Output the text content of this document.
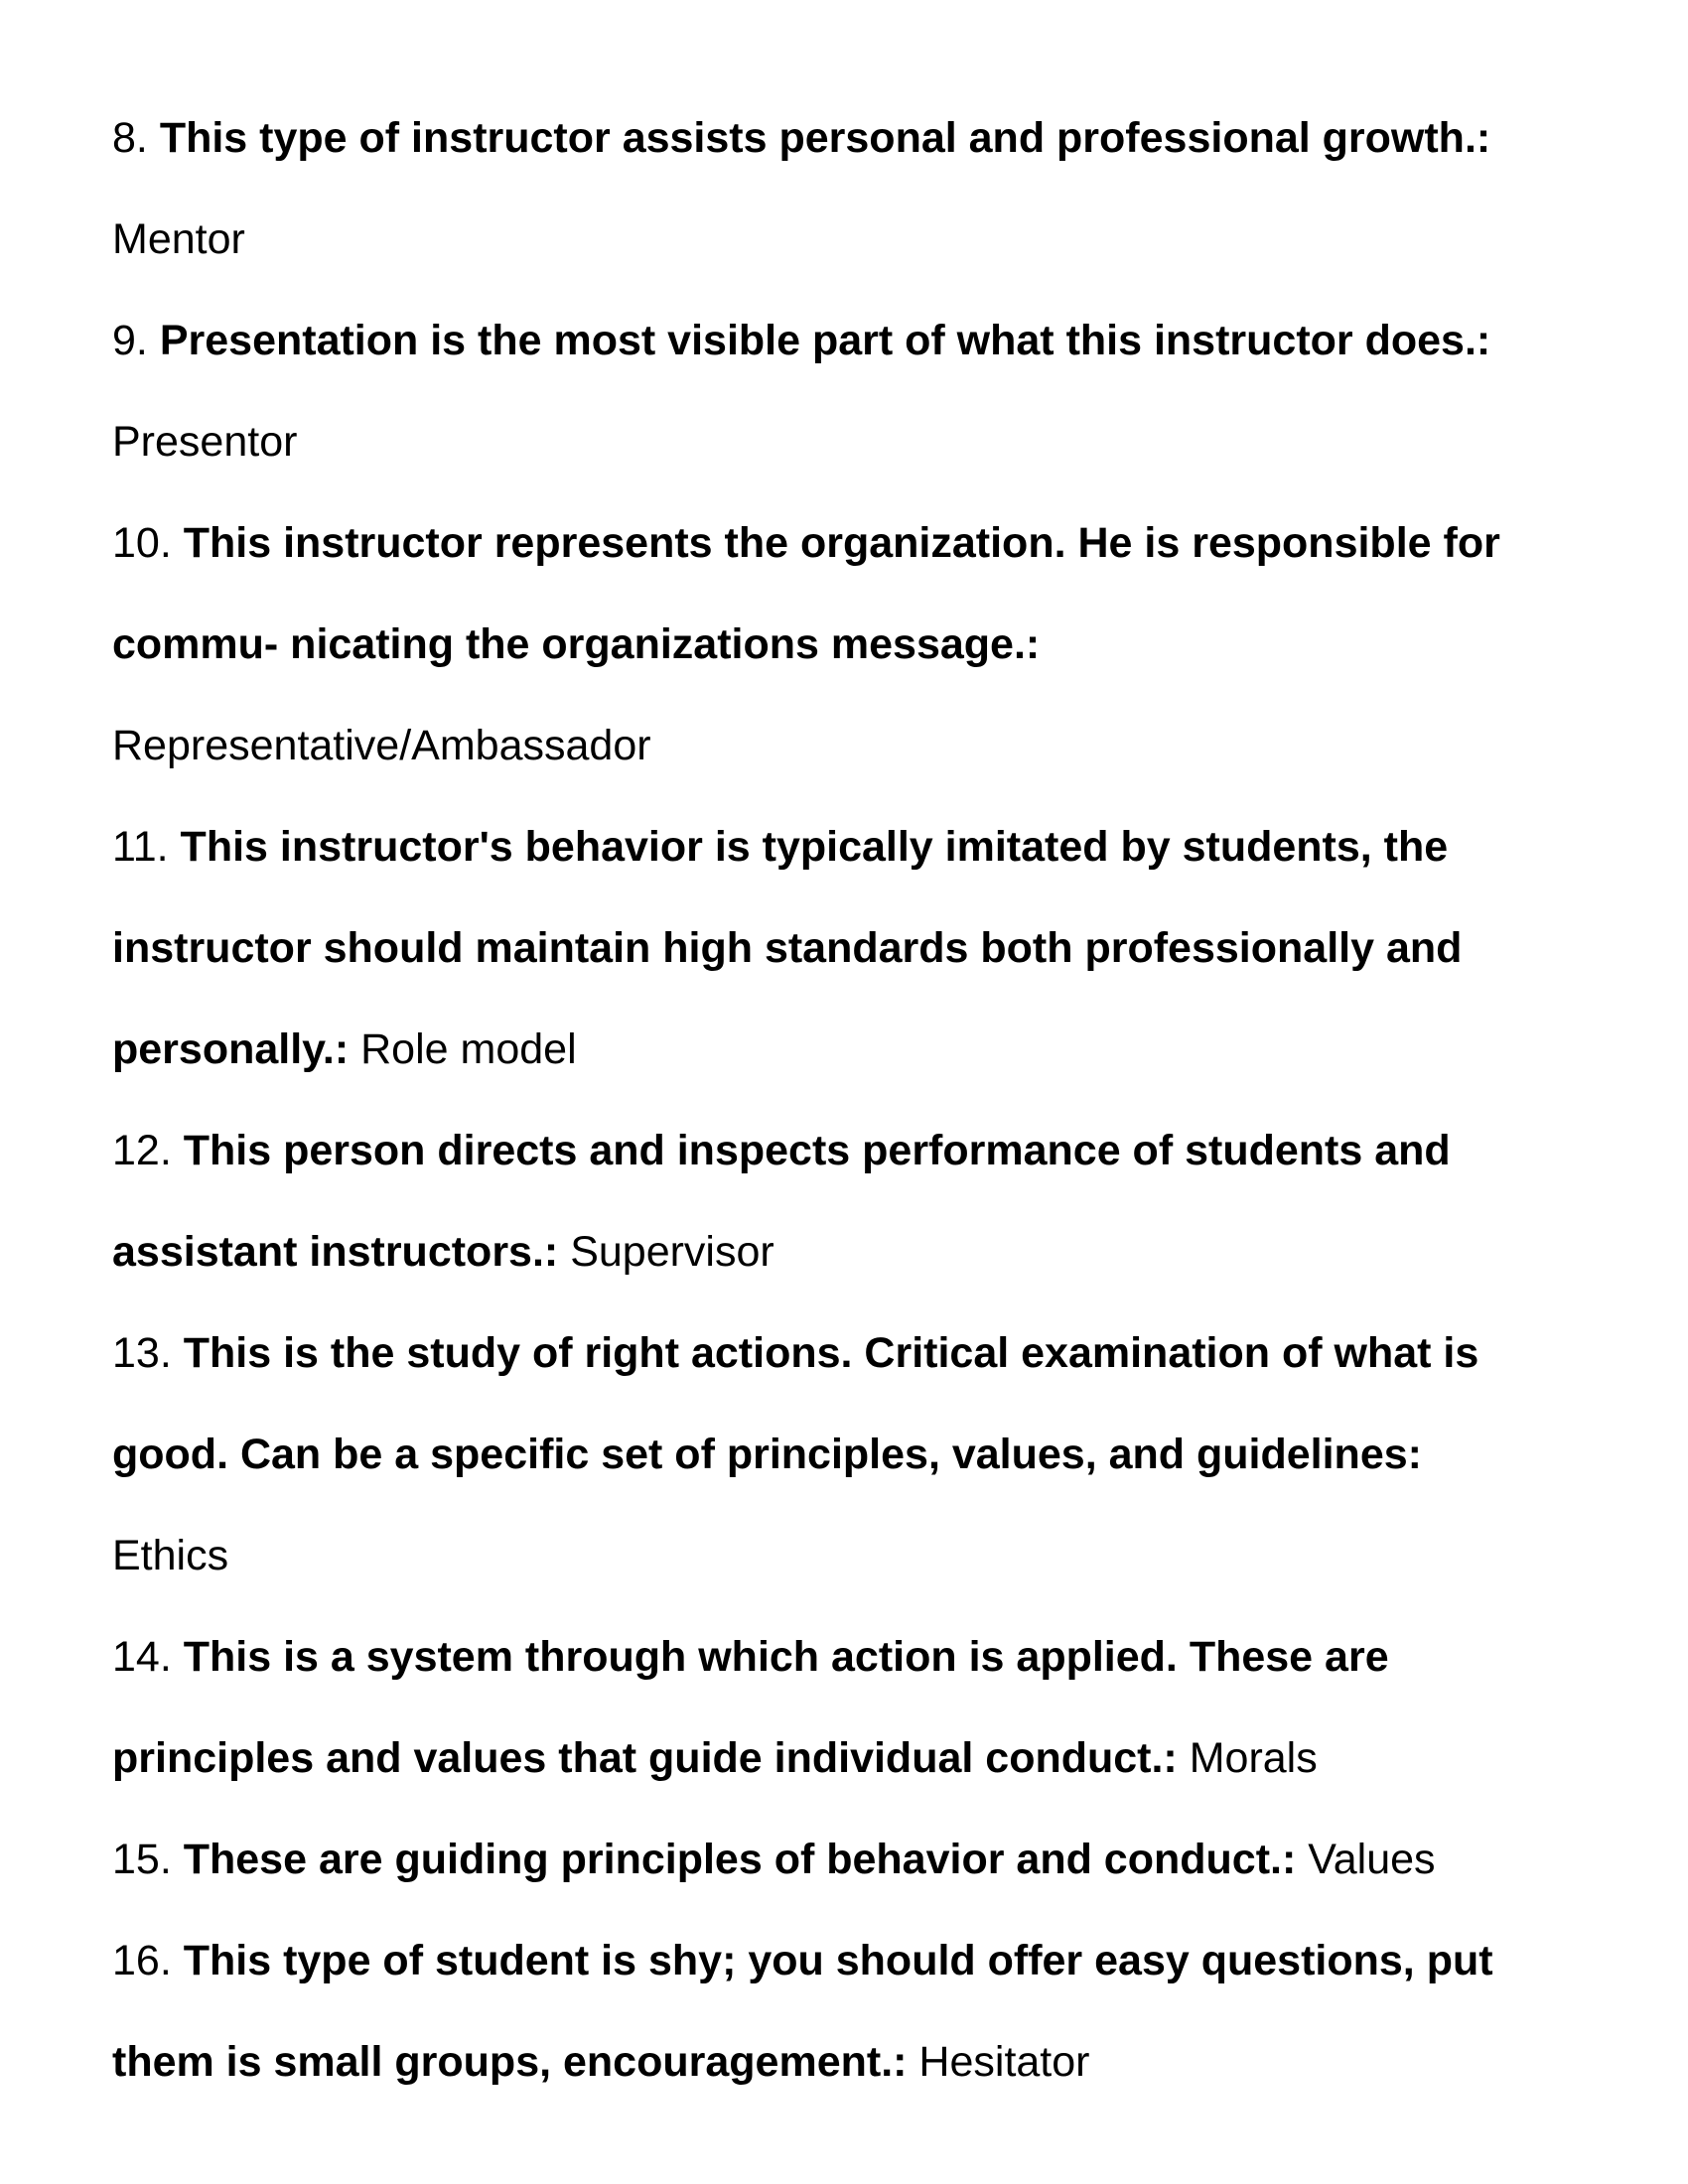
8. This type of instructor assists personal and professional growth.:

Mentor

9. Presentation is the most visible part of what this instructor does.:

Presentor

10. This instructor represents the organization. He is responsible for

commu- nicating the organizations message.:

Representative/Ambassador

11. This instructor's behavior is typically imitated by students, the

instructor should maintain high standards both professionally and

personally.: Role model

12. This person directs and inspects performance of students and

assistant instructors.: Supervisor

13. This is the study of right actions. Critical examination of what is

good. Can be a specific set of principles, values, and guidelines:

Ethics

14. This is a system through which action is applied. These are

principles and values that guide individual conduct.: Morals

15. These are guiding principles of behavior and conduct.: Values

16. This type of student is shy; you should offer easy questions, put

them is small groups, encouragement.: Hesitator
